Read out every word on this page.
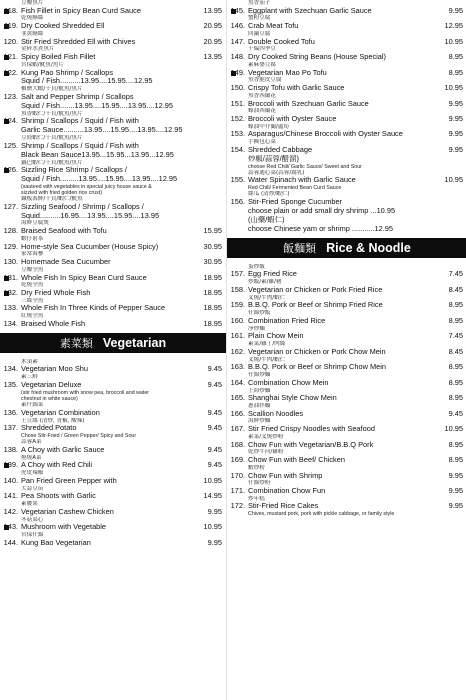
豆瓣魚片
118. Fish Fillet in Spicy Bean Curd Sauce	13.95
乾燒鱔絲
119. Dry Cooked Shredded Ell	20.95
韭黃鱔絲
120. Stir Fried Shredded Ell with Chives	20.95
金碎水煮魚片
121. Spicy Boiled Fish Fillet	13.95
宮保蝦/魷魚/魚片
122. Kung Pao Shrimp / Scallops
Squid / Fish..........13.95....15.95....12.95
椒鹽大蝦/干貝/魷魚/魚片
123. Salt and Pepper Shrimp / Scallops
Squid / Fish.......13.95....15.95....13.95....12.95
魚香蝦仁/干貝/魷魚/魚片
124. Shrimp / Scallops / Squid / Fish with
Garlic Sauce..........13.95....15.95....13.95....12.95
豆豉蝦仁/干貝/魷魚/魚片
125. Shrimp / Scallops / Squid / Fish with
Black Bean Sauce13.95...15.95...13.95...12.95
鍋巴蝦仁/干貝/魷魚/魚片
126. Sizzling Rice Shrimp / Scallops /
Squid / Fish.........13.95....15.95....13.95....12.95
(sauteed with vegetables in special juicy house sauce &
sizzled with fried golden rice crust)
鐵板海鮮/干貝/蝦仁/魷魚
127. Sizzling Seafood / Shrimp / Scallops /
Squid..........16.95....13.95....15.95....13.95
海鮮豆腐煲
128. Braised Seafood with Tofu	15.95
蝦仔射茶
129. Home-style Sea Cucumber (House Spicy)	30.95
家常海參
130. Homemade Sea Cucumber	30.95
豆瓣全魚
131. Whole Fish In Spicy Bean Curd Sauce	18.95
乾燒全魚
132. Dry Fried Whole Fish	18.95
三絲全魚
133. Whole Fish In Three Kinds of Pepper Sauce	18.95
紅燒全魚
134. Braised Whole Fish	18.95
素菜類 Vegetarian
木須素
134. Vegetarian Moo Shu	9.45
素三鮮
135. Vegetarian Deluxe	9.45
(stir fried mushroom with snow pea, broccoli and water
chestnut in white sauce)
素什錦菜
136. Vegetarian Combination	9.45
土豆絲 (清炒, 青椒, 酸辣)
137. Shredded Potato	9.45
Chose Stir-Fried / Green Pepper/ Spicy and Sour
蒜蓉A菜
138. A Choy with Garlic Sauce	9.45
燒燒A菜
139. A Choy with Red Chili	9.45
虎皮辣椒
140. Pan Fried Green Pepper with	10.95
大蒜豆苗
141. Pea Shoots with Garlic	14.95
素腰果
142. Vegetarian Cashew Chicken	9.95
冬菇菜心
143. Mushroom with Vegetable	10.95
宮保什錦
144. Kung Bao Vegetarian	9.95
魚香茄子
145. Eggplant with Szechuan Garlic Sauce	9.95
蟹粉豆腐
146. Crab Meat Tofu	12.95
回鍋豆腐
147. Double Cooked Tofu	10.95
干煸四季豆
148. Dry Cooked String Beans (House Special)	8.95
素麻婆豆腐
149. Vegetarian Mao Po Tofu	8.95
魚香脆皮豆腐
150. Crispy Tofu with Garlic Sauce	10.95
魚香西蘭花
151. Broccoli with Szechuan Garlic Sauce	9.95
蠔油西蘭花
152. Broccoli with Oyster Sauce	9.95
蠔油中介蘭/蘆筍
153. Asparagus/Chinese Broccoli with Oyster Sauce	9.95
手撕包心菜
154. Shredded Cabbage	9.95
炒椒/蒜蓉/醋溜)
choose Red Chili/ Garlic Sauce/ Sweet and Sour
蒜蓉通心菜(蒜蓉/腐乳)
155. Water Spinach with Garlic Sauce	10.95
Red Chili/ Fermented Bean Curd Sauce
絲瓜 (清炒/蝦仁)
156. Stir-Fried Sponge Cucumber
choose plain or add small dry shrimp ...10.95
(山藥/蝦仁)
choose Chinese yam or shrimp ...........12.95
飯麵類 Rice & Noodle
蛋炒飯
157. Egg Fried Rice	7.45
炒飯/素/雞/豬
158. Vegetarian or Chicken or Pork Fried Rice	8.45
叉燒/牛肉/蝦仁
159. B.B.Q. Pork or Beef or Shrimp Fried Rice	8.95
什錦炒飯
160. Combination Fried Rice	8.95
淨炒麵
161. Plain Chow Mein	7.45
素菜/雞丁/肉絲
162. Vegetarian or Chicken or Pork Chow Mein	8.45
叉燒/牛肉/蝦仁
163. B.B.Q. Pork or Beef or Shrimp Chow Mein	8.95
什錦炒麵
164. Combination Chow Mein	8.95
上海炒麵
165. Shanghai Style Chow Mein	8.95
蔥油拌麵
166. Scallion Noodles	9.45
海鮮炒麵
167. Stir Fried Crispy Noodles with Seafood	10.95
素菜/叉燒炒粉
168. Chow Fun with Vegetarian/B.B.Q Pork	8.95
乾炒牛河/雞粉
169. Chow Fun with Beef/ Chicken	8.95
蝦炒粉
170. Chow Fun with Shrimp	9.95
什錦炒粉
171. Combination Chow Fun	9.95
炒年糕
172. Stir-Fried Rice Cakes	9.95
Chives, mustard pork, pork with pickle cabbage, or family style
